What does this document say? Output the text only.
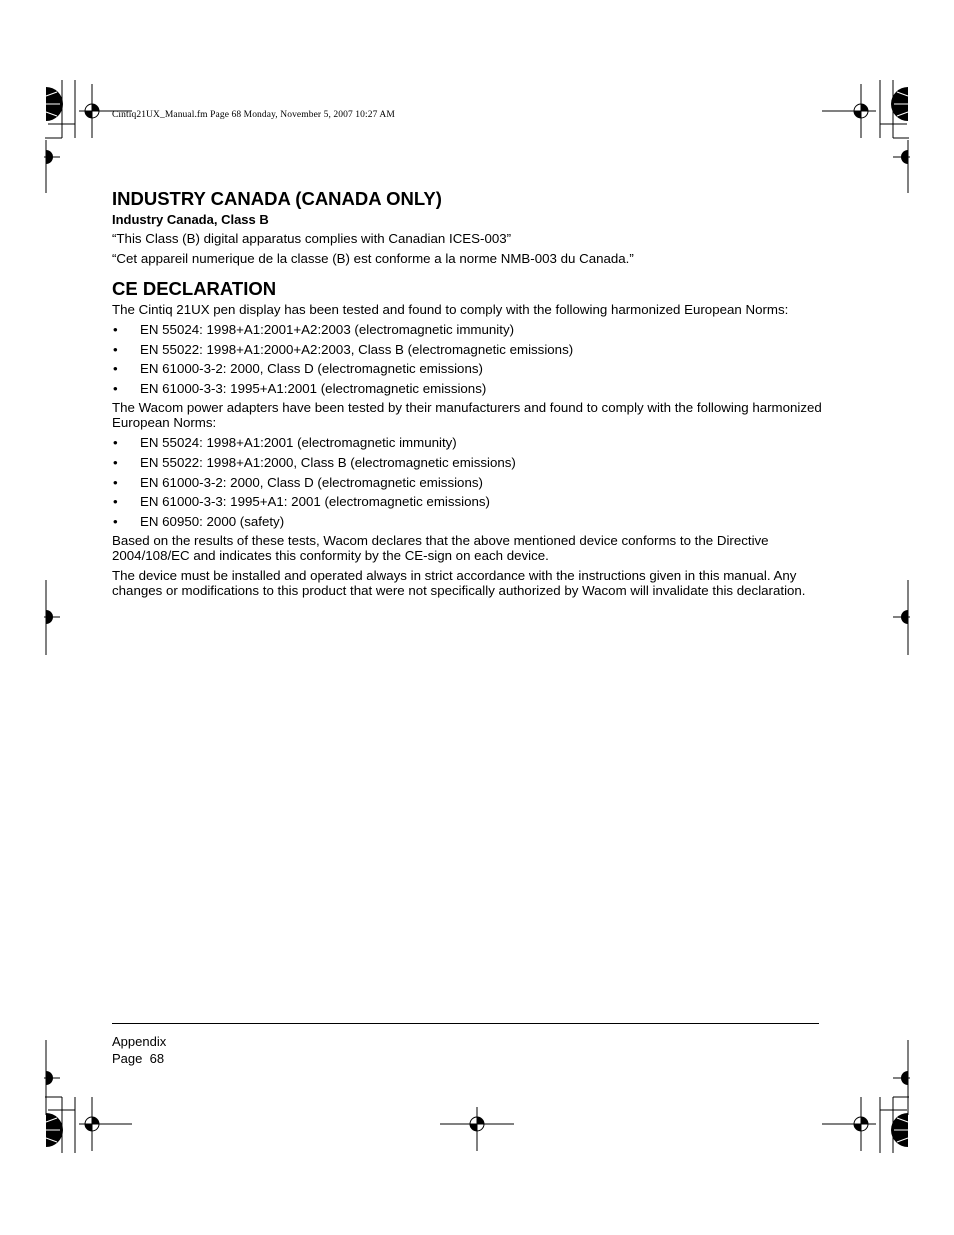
Cintiq21UX_Manual.fm Page 68 Monday, November 5, 2007 10:27 AM
INDUSTRY CANADA (CANADA ONLY)
Industry Canada, Class B
“This Class (B) digital apparatus complies with Canadian ICES-003”
“Cet appareil numerique de la classe (B) est conforme a la norme NMB-003 du Canada.”
CE DECLARATION
The Cintiq 21UX pen display has been tested and found to comply with the following harmonized European Norms:
• EN 55024: 1998+A1:2001+A2:2003 (electromagnetic immunity)
• EN 55022: 1998+A1:2000+A2:2003, Class B (electromagnetic emissions)
• EN 61000-3-2: 2000, Class D (electromagnetic emissions)
• EN 61000-3-3: 1995+A1:2001 (electromagnetic emissions)
The Wacom power adapters have been tested by their manufacturers and found to comply with the following harmonized European Norms:
• EN 55024: 1998+A1:2001 (electromagnetic immunity)
• EN 55022: 1998+A1:2000, Class B (electromagnetic emissions)
• EN 61000-3-2: 2000, Class D (electromagnetic emissions)
• EN 61000-3-3: 1995+A1: 2001 (electromagnetic emissions)
• EN 60950: 2000 (safety)
Based on the results of these tests, Wacom declares that the above mentioned device conforms to the Directive 2004/108/EC and indicates this conformity by the CE-sign on each device.
The device must be installed and operated always in strict accordance with the instructions given in this manual. Any changes or modifications to this product that were not specifically authorized by Wacom will invalidate this declaration.
Appendix
Page  68
